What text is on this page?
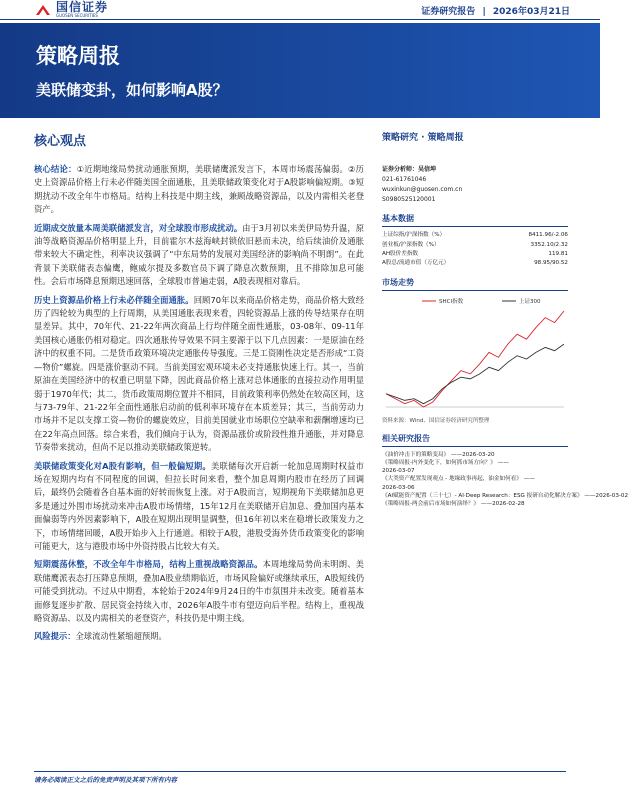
国信证券
GUOSEN SECURITIES	证券研究报告 | 2026年03月21日
策略周报
美联储变卦，如何影响A股？
核心观点

核心结论：①近期地缘局势扰动通胀预期，美联储鹰派发言下，本周市场震荡偏弱。②历史上资源品价格上行未必伴随美国全面通胀，且美联储政策变化对于A股影响偏短期。③短期扰动不改全年牛市格局。结构上科技是中期主线，兼顾战略资源品，以及内需相关老登资产。

近期成交放量本周美联储派发言，对全球股市形成扰动。由于3月初以来美伊局势升温，原油等战略资源品价格明显上升，目前霍尔木兹海峡封锁依旧悬而未决，给后续油价及通胀带来较大不确定性，利率决议强调了“中东局势的发展对美国经济的影响尚不明朗”。在此背景下美联储表态偏鹰，鲍威尔提及多数官员下调了降息次数预期，且不排除加息可能性。会后市场降息预期迅速回落，全球股市普遍走弱，A股表现相对靠后。

历史上资源品价格上行未必伴随全面通胀。回顾70年以来商品价格走势，商品价格大致经历了四轮较为典型的上行周期，从美国通胀表现来看，四轮资源品上涨的传导结果存在明显差异。其中，70年代、21-22年两次商品上行均伴随全面性通胀，03-08年、09-11年美国核心通胀仍相对稳定。四次通胀传导效果不同主要源于以下几点因素：一是原油在经济中的权重不同。二是货币政策环境决定通胀传导强度。三是工资刚性决定是否形成“工资—物价”螺旋。四是涨价驱动不同。当前美国宏观环境未必支持通胀快速上行。其一，当前原油在美国经济中的权重已明显下降，因此商品价格上涨对总体通胀的直接拉动作用明显弱于1970年代；其二，货币政策周期位置并不相同，目前政策利率仍然处在较高区间，这与73-79年、21-22年全面性通胀启动前的低利率环境存在本质差异；其三，当前劳动力市场并不足以支撑工资—物价的螺旋效应，目前美国就业市场职位空缺率和薪酬增速均已在22年高点回落。综合来看，我们倾向于认为，资源品涨价或阶段性推升通胀，并对降息节奏带来扰动，但尚不足以推动美联储政策逆转。

美联储政策变化对A股有影响，但一般偏短期。美联储每次开启新一轮加息周期时权益市场在短期内均有不同程度的回调，但拉长时间来看，整个加息周期内股市在经历了回调后，最终仍会随着各自基本面的好转而恢复上涨。对于A股而言，短期视角下美联储加息更多是通过外围市场扰动来冲击A股市场情绪，15年12月在美联储开启加息、叠加国内基本面偏弱等内外因素影响下，A股在短期出现明显调整，但16年初以来在稳增长政策发力之下，市场情绪回暖，A股开始步入上行通道。相较于A股，港股受海外货币政策变化的影响可能更大，这与港股市场中外资持股占比较大有关。

短期震荡休整，不改全年牛市格局，结构上重视战略资源品。本周地缘局势尚未明朗、美联储鹰派表态打压降息预期，叠加A股业绩期临近，市场风险偏好或继续承压，A股短线仍可能受到扰动。不过从中期看，本轮始于2024年9月24日的牛市氛围并未改变。随着基本面修复逐步扩散、居民资金持续入市，2026年A股牛市有望迈向后半程。结构上，重视战略资源品、以及内需相关的老登资产，科技仍是中期主线。

风险提示：全球流动性紧缩超预期。

策略研究 · 策略周报
证券分析师：吴信坤
021-61761046
wuxinkun@guosen.com.cn
S0980525120001
基本数据
上证综指/沪深指数（%）	8411.96/-2.06
创业板/沪深指数（%）	3352.10/2.32
AH股价差指数	119.81
A股总/流通市值（万亿元）	98.95/90.52
市场走势
SHCI指数	上证300
资料来源：Wind、国信证券经济研究所整理
相关研究报告
《油价冲击下的策略变局》 ——2026-03-20
《策略周报-内外变化下，如何抓市场方向？》 ——
2026-03-07
《大类资产配置发现观点 - 地缘政事再起，油金如何看》 ——
2026-03-06
《AI赋能资产配置（三十七）- AI·Deep Research：ESG 报研自动化解决方案》 ——2026-03-02
《策略周报-两会前后市场如何演绎？》 ——2026-02-28
请务必阅读正文之后的免责声明及其项下所有内容
